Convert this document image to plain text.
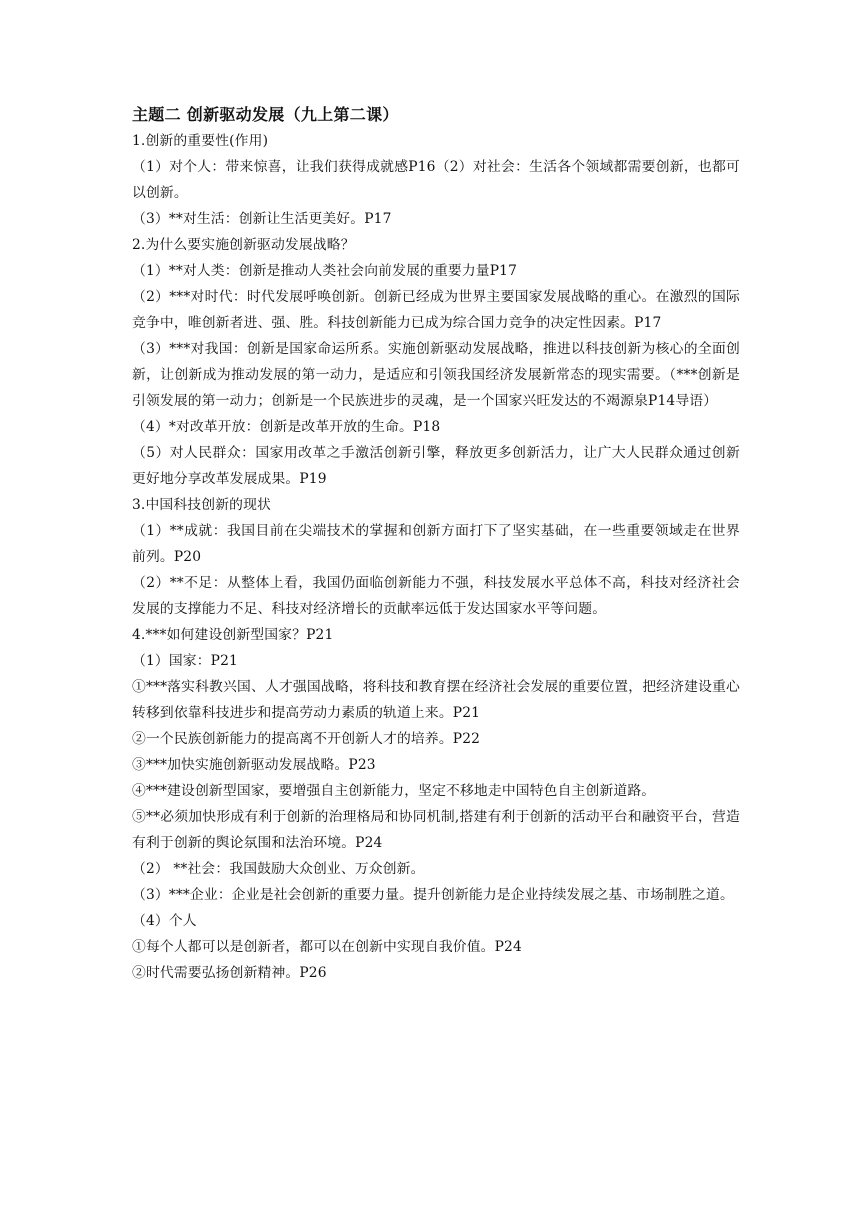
主题二 创新驱动发展（九上第二课）

1.创新的重要性(作用)

（1）对个人：带来惊喜，让我们获得成就感P16（2）对社会：生活各个领域都需要创新，也都可以创新。

（3）**对生活：创新让生活更美好。P17

2.为什么要实施创新驱动发展战略？

（1）**对人类：创新是推动人类社会向前发展的重要力量P17

（2）***对时代：时代发展呼唤创新。创新已经成为世界主要国家发展战略的重心。在激烈的国际竞争中，唯创新者进、强、胜。科技创新能力已成为综合国力竞争的决定性因素。P17

（3）***对我国：创新是国家命运所系。实施创新驱动发展战略，推进以科技创新为核心的全面创新，让创新成为推动发展的第一动力，是适应和引领我国经济发展新常态的现实需要。（***创新是引领发展的第一动力；创新是一个民族进步的灵魂，是一个国家兴旺发达的不竭源泉P14导语）

（4）*对改革开放：创新是改革开放的生命。P18

（5）对人民群众：国家用改革之手激活创新引擎，释放更多创新活力，让广大人民群众通过创新更好地分享改革发展成果。P19

3.中国科技创新的现状

（1）**成就：我国目前在尖端技术的掌握和创新方面打下了坚实基础，在一些重要领域走在世界前列。P20

（2）**不足：从整体上看，我国仍面临创新能力不强，科技发展水平总体不高，科技对经济社会发展的支撑能力不足、科技对经济增长的贡献率远低于发达国家水平等问题。

4.***如何建设创新型国家？P21

（1）国家：P21

①***落实科教兴国、人才强国战略，将科技和教育摆在经济社会发展的重要位置，把经济建设重心转移到依靠科技进步和提高劳动力素质的轨道上来。P21

②一个民族创新能力的提高离不开创新人才的培养。P22

③***加快实施创新驱动发展战略。P23

④***建设创新型国家，要增强自主创新能力，坚定不移地走中国特色自主创新道路。

⑤**必须加快形成有利于创新的治理格局和协同机制,搭建有利于创新的活动平台和融资平台，营造有利于创新的舆论氛围和法治环境。P24

（2） **社会：我国鼓励大众创业、万众创新。

（3）***企业：企业是社会创新的重要力量。提升创新能力是企业持续发展之基、市场制胜之道。

（4）个人

①每个人都可以是创新者，都可以在创新中实现自我价值。P24

②时代需要弘扬创新精神。P26
